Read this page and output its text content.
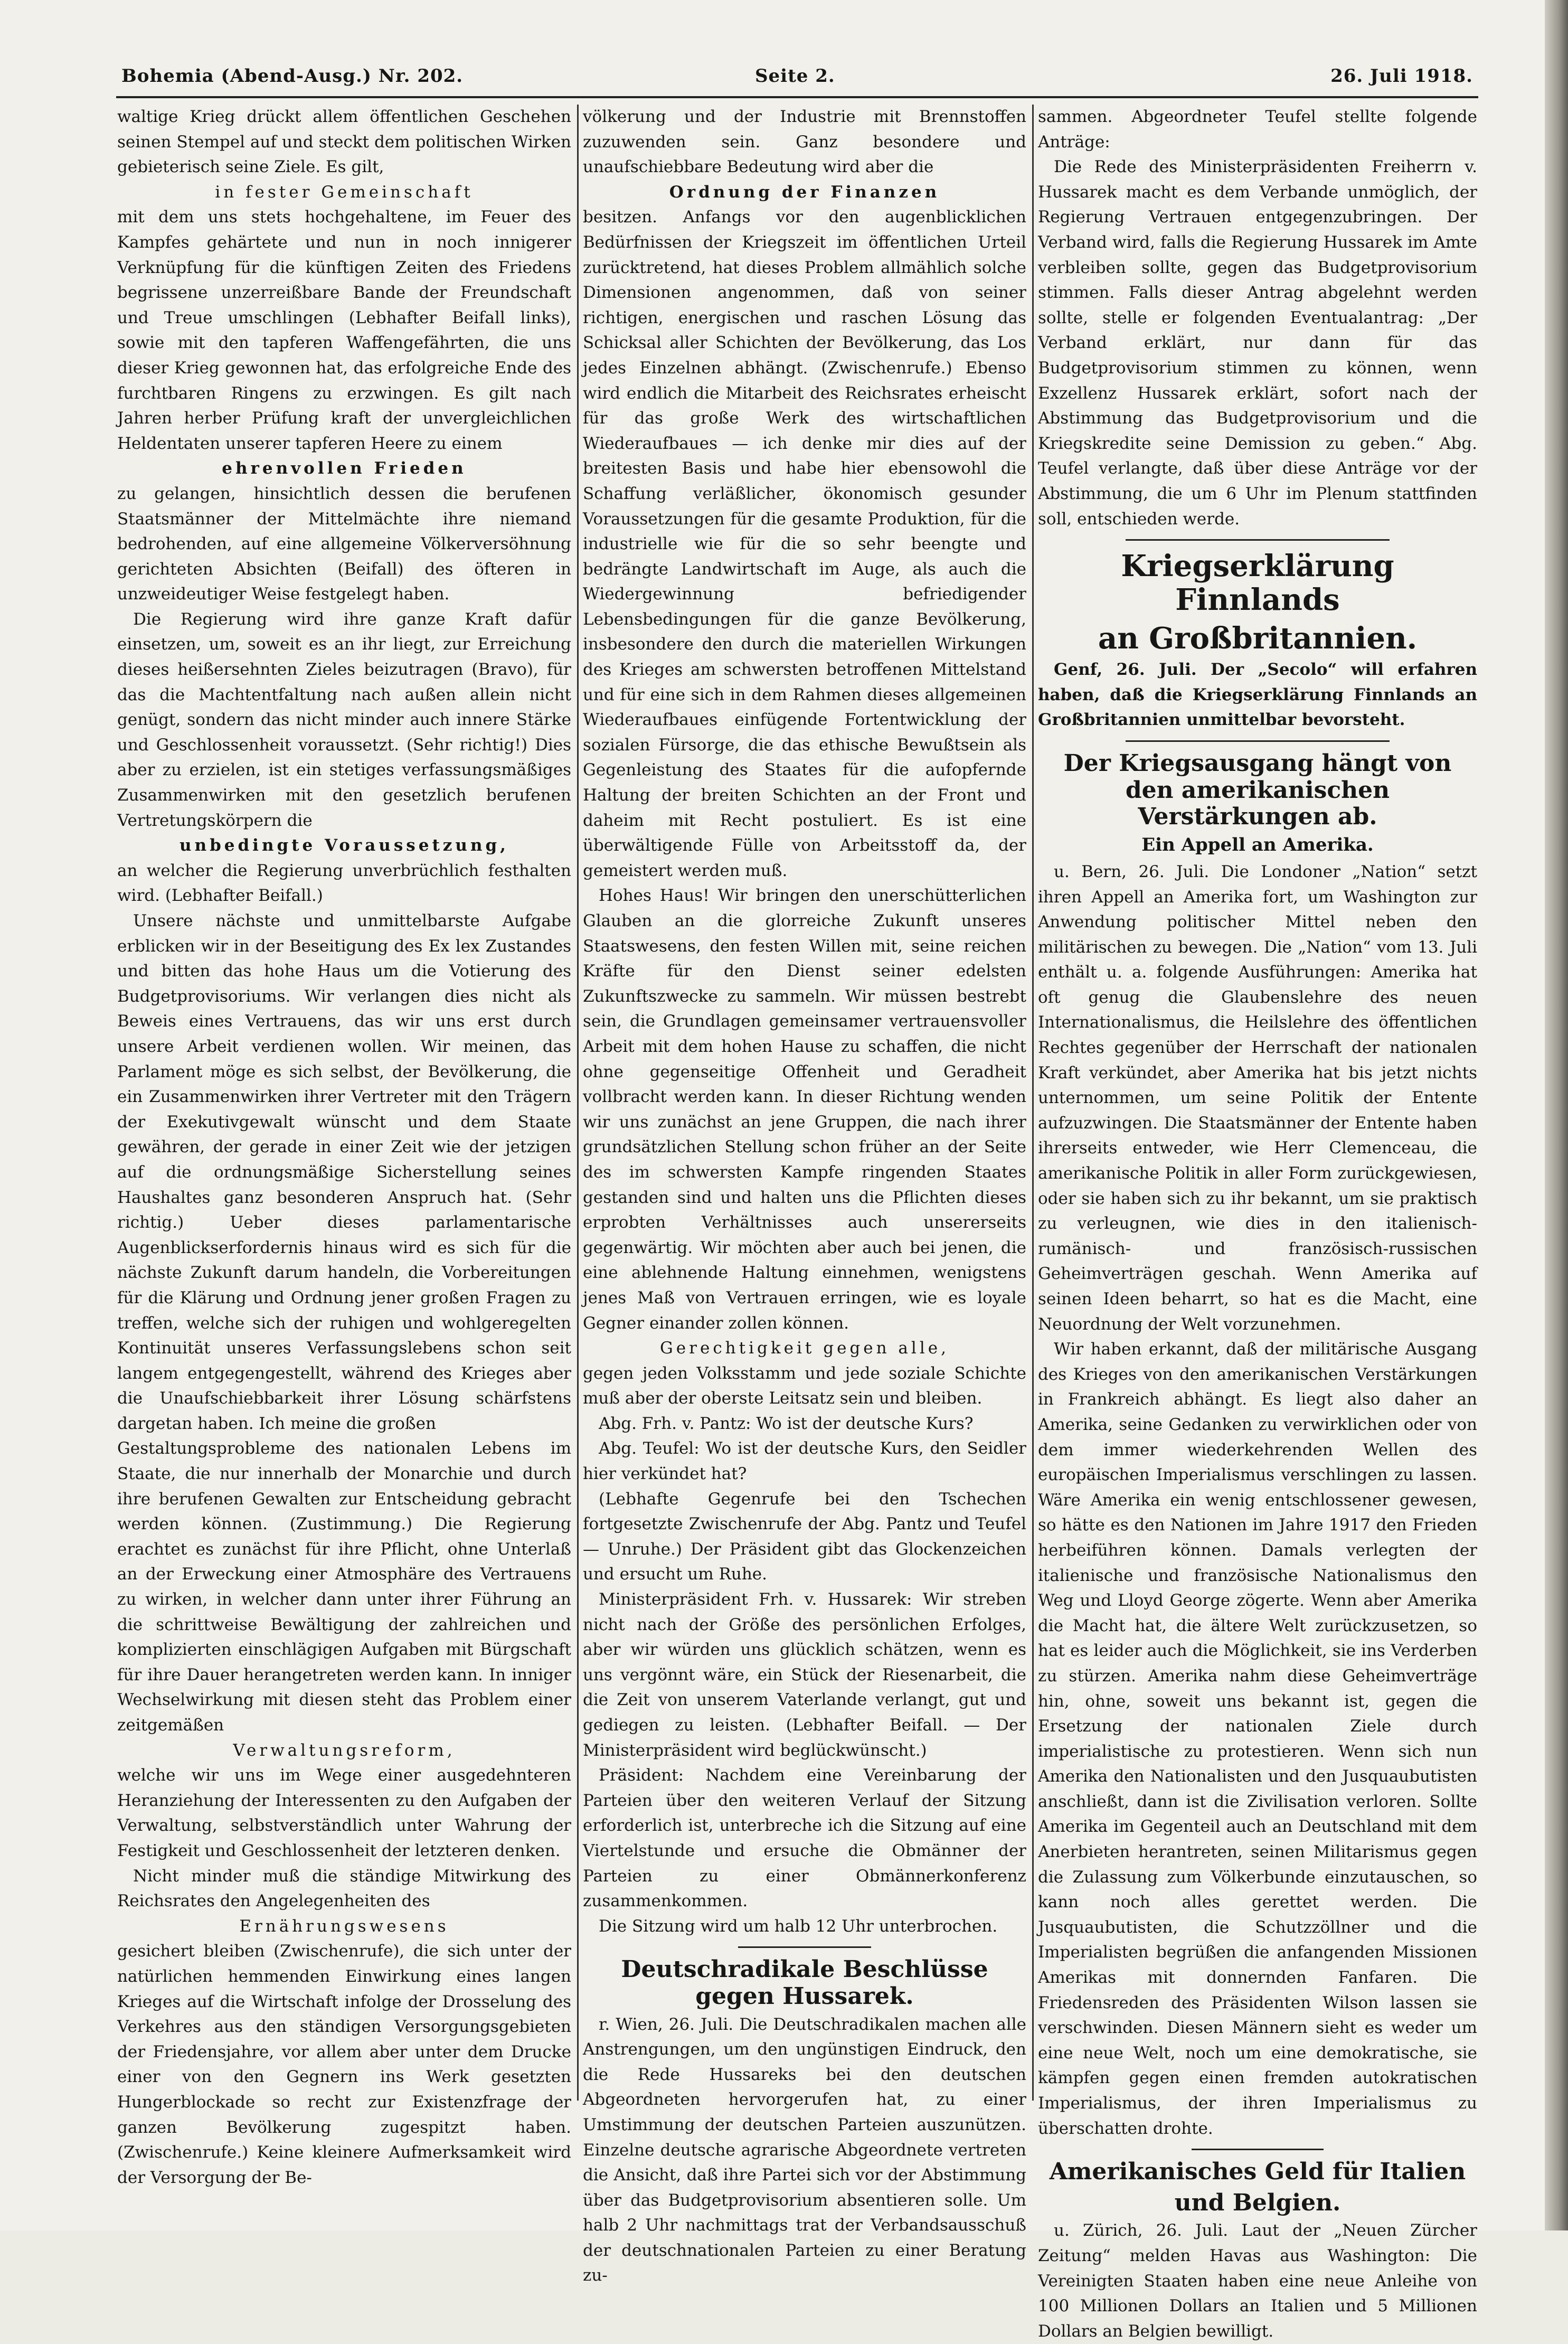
Bohemia (Abend-Ausg.) Nr. 202.	Seite 2.	26. Juli 1918.

waltige Krieg drückt allem öffentlichen Geschehen seinen Stempel auf und steckt dem politischen Wirken gebieterisch seine Ziele. Es gilt,

in fester Gemeinschaft

mit dem uns stets hochgehaltene, im Feuer des Kampfes gehärtete und nun in noch innigerer Verknüpfung für die künftigen Zeiten des Friedens begrissene unzerreißbare Bande der Freundschaft und Treue umschlingen (Lebhafter Beifall links), sowie mit den tapferen Waffengefährten, die uns dieser Krieg gewonnen hat, das erfolgreiche Ende des furchtbaren Ringens zu erzwingen. Es gilt nach Jahren herber Prüfung kraft der unvergleichlichen Heldentaten unserer tapferen Heere zu einem

ehrenvollen Frieden

zu gelangen, hinsichtlich dessen die berufenen Staatsmänner der Mittelmächte ihre niemand bedrohenden, auf eine allgemeine Völkerversöhnung gerichteten Absichten (Beifall) des öfteren in unzweideutiger Weise festgelegt haben.

Die Regierung wird ihre ganze Kraft dafür einsetzen, um, soweit es an ihr liegt, zur Erreichung dieses heißersehnten Zieles beizutragen (Bravo), für das die Machtentfaltung nach außen allein nicht genügt, sondern das nicht minder auch innere Stärke und Geschlossenheit voraussetzt. (Sehr richtig!) Dies aber zu erzielen, ist ein stetiges verfassungsmäßiges Zusammenwirken mit den gesetzlich berufenen Vertretungskörpern die

unbedingte Voraussetzung,

an welcher die Regierung unverbrüchlich festhalten wird. (Lebhafter Beifall.)

Unsere nächste und unmittelbarste Aufgabe erblicken wir in der Beseitigung des Ex lex Zustandes und bitten das hohe Haus um die Votierung des Budgetprovisoriums. Wir verlangen dies nicht als Beweis eines Vertrauens, das wir uns erst durch unsere Arbeit verdienen wollen. Wir meinen, das Parlament möge es sich selbst, der Bevölkerung, die ein Zusammenwirken ihrer Vertreter mit den Trägern der Exekutivgewalt wünscht und dem Staate gewähren, der gerade in einer Zeit wie der jetzigen auf die ordnungsmäßige Sicherstellung seines Haushaltes ganz besonderen Anspruch hat. (Sehr richtig.) Ueber dieses parlamentarische Augenblickserfordernis hinaus wird es sich für die nächste Zukunft darum handeln, die Vorbereitungen für die Klärung und Ordnung jener großen Fragen zu treffen, welche sich der ruhigen und wohlgeregelten Kontinuität unseres Verfassungslebens schon seit langem entgegengestellt, während des Krieges aber die Unaufschiebbarkeit ihrer Lösung schärfstens dargetan haben. Ich meine die großen

Gestaltungsprobleme des nationalen Lebens im Staate, die nur innerhalb der Monarchie und durch ihre berufenen Gewalten zur Entscheidung gebracht werden können. (Zustimmung.) Die Regierung erachtet es zunächst für ihre Pflicht, ohne Unterlaß an der Erweckung einer Atmosphäre des Vertrauens zu wirken, in welcher dann unter ihrer Führung an die schrittweise Bewältigung der zahlreichen und komplizierten einschlägigen Aufgaben mit Bürgschaft für ihre Dauer herangetreten werden kann. In inniger Wechselwirkung mit diesen steht das Problem einer zeitgemäßen

Verwaltungsreform,

welche wir uns im Wege einer ausgedehnteren Heranziehung der Interessenten zu den Aufgaben der Verwaltung, selbstverständlich unter Wahrung der Festigkeit und Geschlossenheit der letzteren denken.

Nicht minder muß die ständige Mitwirkung des Reichsrates den Angelegenheiten des

Ernährungswesens

gesichert bleiben (Zwischenrufe), die sich unter der natürlichen hemmenden Einwirkung eines langen Krieges auf die Wirtschaft infolge der Drosselung des Verkehres aus den ständigen Versorgungsgebieten der Friedensjahre, vor allem aber unter dem Drucke einer von den Gegnern ins Werk gesetzten Hungerblockade so recht zur Existenzfrage der ganzen Bevölkerung zugespitzt haben. (Zwischenrufe.) Keine kleinere Aufmerksamkeit wird der Versorgung der Be-

völkerung und der Industrie mit Brennstoffen zuzuwenden sein. Ganz besondere und unaufschiebbare Bedeutung wird aber die

Ordnung der Finanzen

besitzen. Anfangs vor den augenblicklichen Bedürfnissen der Kriegszeit im öffentlichen Urteil zurücktretend, hat dieses Problem allmählich solche Dimensionen angenommen, daß von seiner richtigen, energischen und raschen Lösung das Schicksal aller Schichten der Bevölkerung, das Los jedes Einzelnen abhängt. (Zwischenrufe.) Ebenso wird endlich die Mitarbeit des Reichsrates erheischt für das große Werk des wirtschaftlichen Wiederaufbaues — ich denke mir dies auf der breitesten Basis und habe hier ebensowohl die Schaffung verläßlicher, ökonomisch gesunder Voraussetzungen für die gesamte Produktion, für die industrielle wie für die so sehr beengte und bedrängte Landwirtschaft im Auge, als auch die Wiedergewinnung befriedigender Lebensbedingungen für die ganze Bevölkerung, insbesondere den durch die materiellen Wirkungen des Krieges am schwersten betroffenen Mittelstand und für eine sich in dem Rahmen dieses allgemeinen Wiederaufbaues einfügende Fortentwicklung der sozialen Fürsorge, die das ethische Bewußtsein als Gegenleistung des Staates für die aufopfernde Haltung der breiten Schichten an der Front und daheim mit Recht postuliert. Es ist eine überwältigende Fülle von Arbeitsstoff da, der gemeistert werden muß.

Hohes Haus! Wir bringen den unerschütterlichen Glauben an die glorreiche Zukunft unseres Staatswesens, den festen Willen mit, seine reichen Kräfte für den Dienst seiner edelsten Zukunftszwecke zu sammeln. Wir müssen bestrebt sein, die Grundlagen gemeinsamer vertrauensvoller Arbeit mit dem hohen Hause zu schaffen, die nicht ohne gegenseitige Offenheit und Geradheit vollbracht werden kann. In dieser Richtung wenden wir uns zunächst an jene Gruppen, die nach ihrer grundsätzlichen Stellung schon früher an der Seite des im schwersten Kampfe ringenden Staates gestanden sind und halten uns die Pflichten dieses erprobten Verhältnisses auch unsererseits gegenwärtig. Wir möchten aber auch bei jenen, die eine ablehnende Haltung einnehmen, wenigstens jenes Maß von Vertrauen erringen, wie es loyale Gegner einander zollen können.

Gerechtigkeit gegen alle,

gegen jeden Volksstamm und jede soziale Schichte muß aber der oberste Leitsatz sein und bleiben.

Abg. Frh. v. Pantz: Wo ist der deutsche Kurs?

Abg. Teufel: Wo ist der deutsche Kurs, den Seidler hier verkündet hat?

(Lebhafte Gegenrufe bei den Tschechen fortgesetzte Zwischenrufe der Abg. Pantz und Teufel — Unruhe.) Der Präsident gibt das Glockenzeichen und ersucht um Ruhe.

Ministerpräsident Frh. v. Hussarek: Wir streben nicht nach der Größe des persönlichen Erfolges, aber wir würden uns glücklich schätzen, wenn es uns vergönnt wäre, ein Stück der Riesenarbeit, die die Zeit von unserem Vaterlande verlangt, gut und gediegen zu leisten. (Lebhafter Beifall. — Der Ministerpräsident wird beglückwünscht.)

Präsident: Nachdem eine Vereinbarung der Parteien über den weiteren Verlauf der Sitzung erforderlich ist, unterbreche ich die Sitzung auf eine Viertelstunde und ersuche die Obmänner der Parteien zu einer Obmännerkonferenz zusammenkommen.

Die Sitzung wird um halb 12 Uhr unterbrochen.

Deutschradikale Beschlüsse gegen Hussarek.

r. Wien, 26. Juli. Die Deutschradikalen machen alle Anstrengungen, um den ungünstigen Eindruck, den die Rede Hussareks bei den deutschen Abgeordneten hervorgerufen hat, zu einer Umstimmung der deutschen Parteien auszunützen. Einzelne deutsche agrarische Abgeordnete vertreten die Ansicht, daß ihre Partei sich vor der Abstimmung über das Budgetprovisorium absentieren solle. Um halb 2 Uhr nachmittags trat der Verbandsausschuß der deutschnationalen Parteien zu einer Beratung zu-

sammen. Abgeordneter Teufel stellte folgende Anträge:

Die Rede des Ministerpräsidenten Freiherrn v. Hussarek macht es dem Verbande unmöglich, der Regierung Vertrauen entgegenzubringen. Der Verband wird, falls die Regierung Hussarek im Amte verbleiben sollte, gegen das Budgetprovisorium stimmen. Falls dieser Antrag abgelehnt werden sollte, stelle er folgenden Eventualantrag: „Der Verband erklärt, nur dann für das Budgetprovisorium stimmen zu können, wenn Exzellenz Hussarek erklärt, sofort nach der Abstimmung das Budgetprovisorium und die Kriegskredite seine Demission zu geben.“ Abg. Teufel verlangte, daß über diese Anträge vor der Abstimmung, die um 6 Uhr im Plenum stattfinden soll, entschieden werde.

Kriegserklärung Finnlands
an Großbritannien.

Genf, 26. Juli. Der „Secolo“ will erfahren haben, daß die Kriegserklärung Finnlands an Großbritannien unmittelbar bevorsteht.

Der Kriegsausgang hängt von den amerikanischen Verstärkungen ab.
Ein Appell an Amerika.

u. Bern, 26. Juli. Die Londoner „Nation“ setzt ihren Appell an Amerika fort, um Washington zur Anwendung politischer Mittel neben den militärischen zu bewegen. Die „Nation“ vom 13. Juli enthält u. a. folgende Ausführungen: Amerika hat oft genug die Glaubenslehre des neuen Internationalismus, die Heilslehre des öffentlichen Rechtes gegenüber der Herrschaft der nationalen Kraft verkündet, aber Amerika hat bis jetzt nichts unternommen, um seine Politik der Entente aufzuzwingen. Die Staatsmänner der Entente haben ihrerseits entweder, wie Herr Clemenceau, die amerikanische Politik in aller Form zurückgewiesen, oder sie haben sich zu ihr bekannt, um sie praktisch zu verleugnen, wie dies in den italienisch-rumänisch- und französisch-russischen Geheimverträgen geschah. Wenn Amerika auf seinen Ideen beharrt, so hat es die Macht, eine Neuordnung der Welt vorzunehmen.

Wir haben erkannt, daß der militärische Ausgang des Krieges von den amerikanischen Verstärkungen in Frankreich abhängt. Es liegt also daher an Amerika, seine Gedanken zu verwirklichen oder von dem immer wiederkehrenden Wellen des europäischen Imperialismus verschlingen zu lassen. Wäre Amerika ein wenig entschlossener gewesen, so hätte es den Nationen im Jahre 1917 den Frieden herbeiführen können. Damals verlegten der italienische und französische Nationalismus den Weg und Lloyd George zögerte. Wenn aber Amerika die Macht hat, die ältere Welt zurückzusetzen, so hat es leider auch die Möglichkeit, sie ins Verderben zu stürzen. Amerika nahm diese Geheimverträge hin, ohne, soweit uns bekannt ist, gegen die Ersetzung der nationalen Ziele durch imperialistische zu protestieren. Wenn sich nun Amerika den Nationalisten und den Jusquaubutisten anschließt, dann ist die Zivilisation verloren. Sollte Amerika im Gegenteil auch an Deutschland mit dem Anerbieten herantreten, seinen Militarismus gegen die Zulassung zum Völkerbunde einzutauschen, so kann noch alles gerettet werden. Die Jusquaubutisten, die Schutzzöllner und die Imperialisten begrüßen die anfangenden Missionen Amerikas mit donnernden Fanfaren. Die Friedensreden des Präsidenten Wilson lassen sie verschwinden. Diesen Männern sieht es weder um eine neue Welt, noch um eine demokratische, sie kämpfen gegen einen fremden autokratischen Imperialismus, der ihren Imperialismus zu überschatten drohte.

Amerikanisches Geld für Italien
und Belgien.

u. Zürich, 26. Juli. Laut der „Neuen Zürcher Zeitung“ melden Havas aus Washington: Die Vereinigten Staaten haben eine neue Anleihe von 100 Millionen Dollars an Italien und 5 Millionen Dollars an Belgien bewilligt.
